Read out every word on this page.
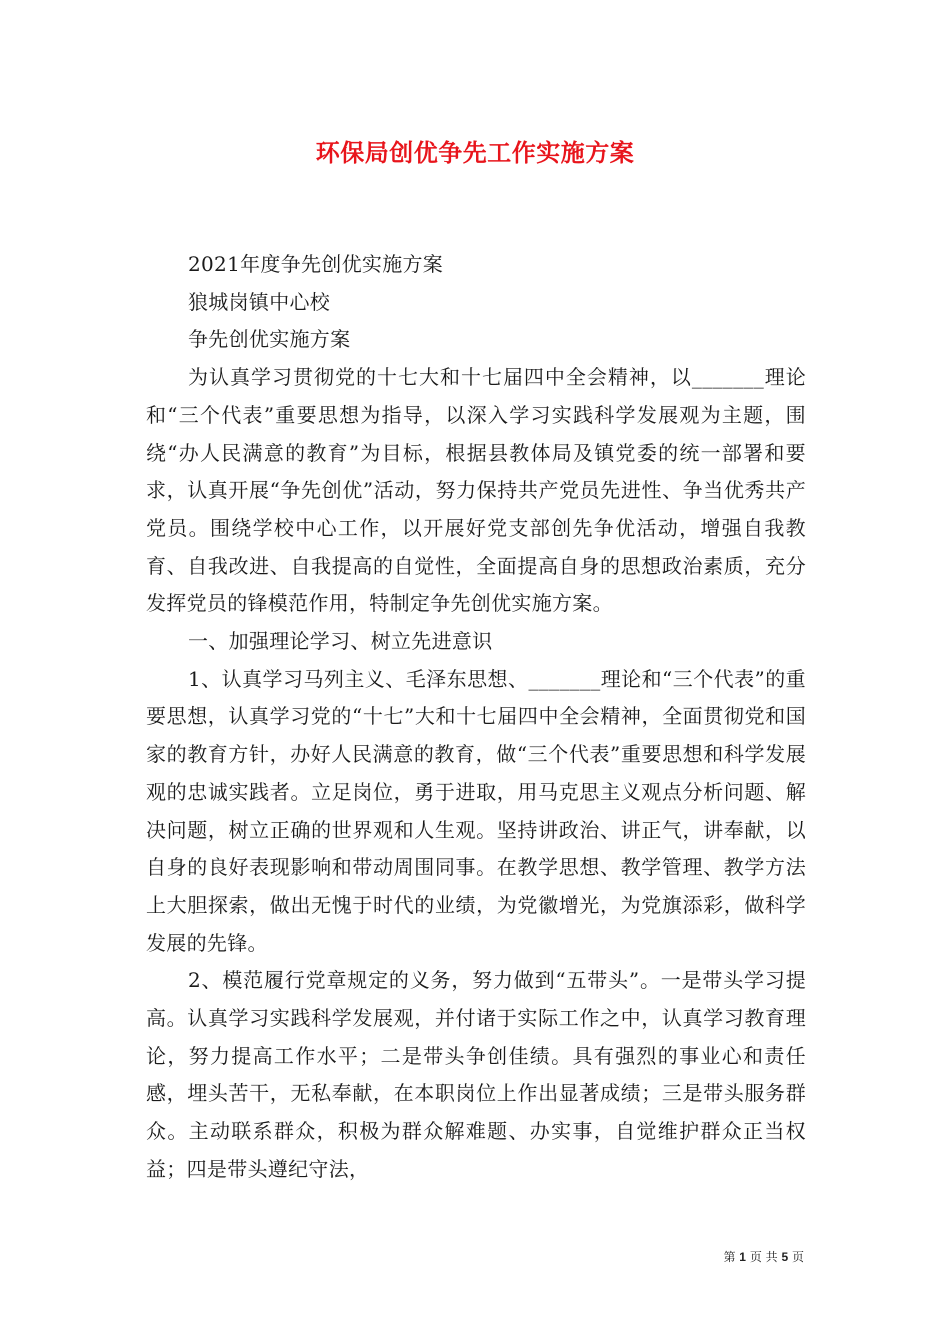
环保局创优争先工作实施方案

2021年度争先创优实施方案

狼城岗镇中心校

争先创优实施方案

为认真学习贯彻党的十七大和十七届四中全会精神，以_______理论和“三个代表”重要思想为指导，以深入学习实践科学发展观为主题，围绕“办人民满意的教育”为目标，根据县教体局及镇党委的统一部署和要求，认真开展“争先创优”活动，努力保持共产党员先进性、争当优秀共产党员。围绕学校中心工作，以开展好党支部创先争优活动，增强自我教育、自我改进、自我提高的自觉性，全面提高自身的思想政治素质，充分发挥党员的锋模范作用，特制定争先创优实施方案。

一、加强理论学习、树立先进意识

1、认真学习马列主义、毛泽东思想、_______理论和“三个代表”的重要思想，认真学习党的“十七”大和十七届四中全会精神，全面贯彻党和国家的教育方针，办好人民满意的教育，做“三个代表”重要思想和科学发展观的忠诚实践者。立足岗位，勇于进取，用马克思主义观点分析问题、解决问题，树立正确的世界观和人生观。坚持讲政治、讲正气，讲奉献，以自身的良好表现影响和带动周围同事。在教学思想、教学管理、教学方法上大胆探索，做出无愧于时代的业绩，为党徽增光，为党旗添彩，做科学发展的先锋。

2、模范履行党章规定的义务，努力做到“五带头”。一是带头学习提高。认真学习实践科学发展观，并付诸于实际工作之中，认真学习教育理论，努力提高工作水平；二是带头争创佳绩。具有强烈的事业心和责任感，埋头苦干，无私奉献，在本职岗位上作出显著成绩；三是带头服务群众。主动联系群众，积极为群众解难题、办实事，自觉维护群众正当权益；四是带头遵纪守法，

第 1 页 共 5 页
